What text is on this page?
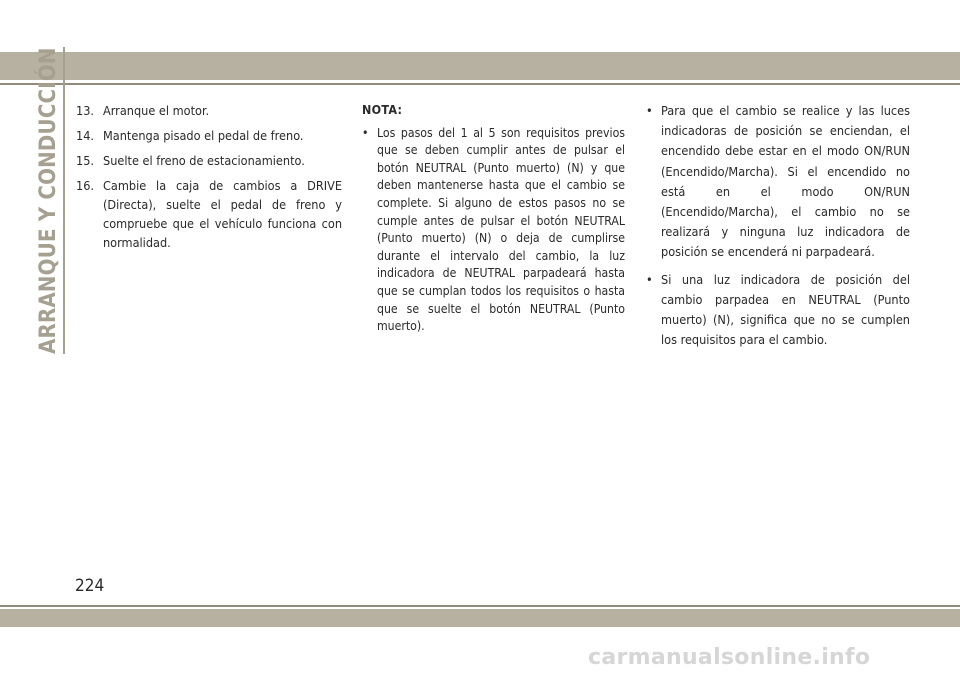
ARRANQUE Y CONDUCCIÓN	13. Arranque el motor.
14. Mantenga pisado el pedal de freno.
15. Suelte el freno de estacionamiento.
16. Cambie la caja de cambios a DRIVE (Directa), suelte el pedal de freno y compruebe que el vehículo funciona con normalidad.
NOTA:
• Los pasos del 1 al 5 son requisitos previos que se deben cumplir antes de pulsar el botón NEUTRAL (Punto muerto) (N) y que deben mantenerse hasta que el cambio se complete. Si alguno de estos pasos no se cumple antes de pulsar el botón NEUTRAL (Punto muerto) (N) o deja de cumplirse durante el intervalo del cambio, la luz indicadora de NEUTRAL parpadeará hasta que se cumplan todos los requisitos o hasta que se suelte el botón NEUTRAL (Punto muerto).
• Para que el cambio se realice y las luces indicadoras de posición se enciendan, el encendido debe estar en el modo ON/RUN (Encendido/Marcha). Si el encendido no está en el modo ON/RUN (Encendido/Marcha), el cambio no se realizará y ninguna luz indicadora de posición se encenderá ni parpadeará.
• Si una luz indicadora de posición del cambio parpadea en NEUTRAL (Punto muerto) (N), significa que no se cumplen los requisitos para el cambio.
224
carmanualsonline.info
